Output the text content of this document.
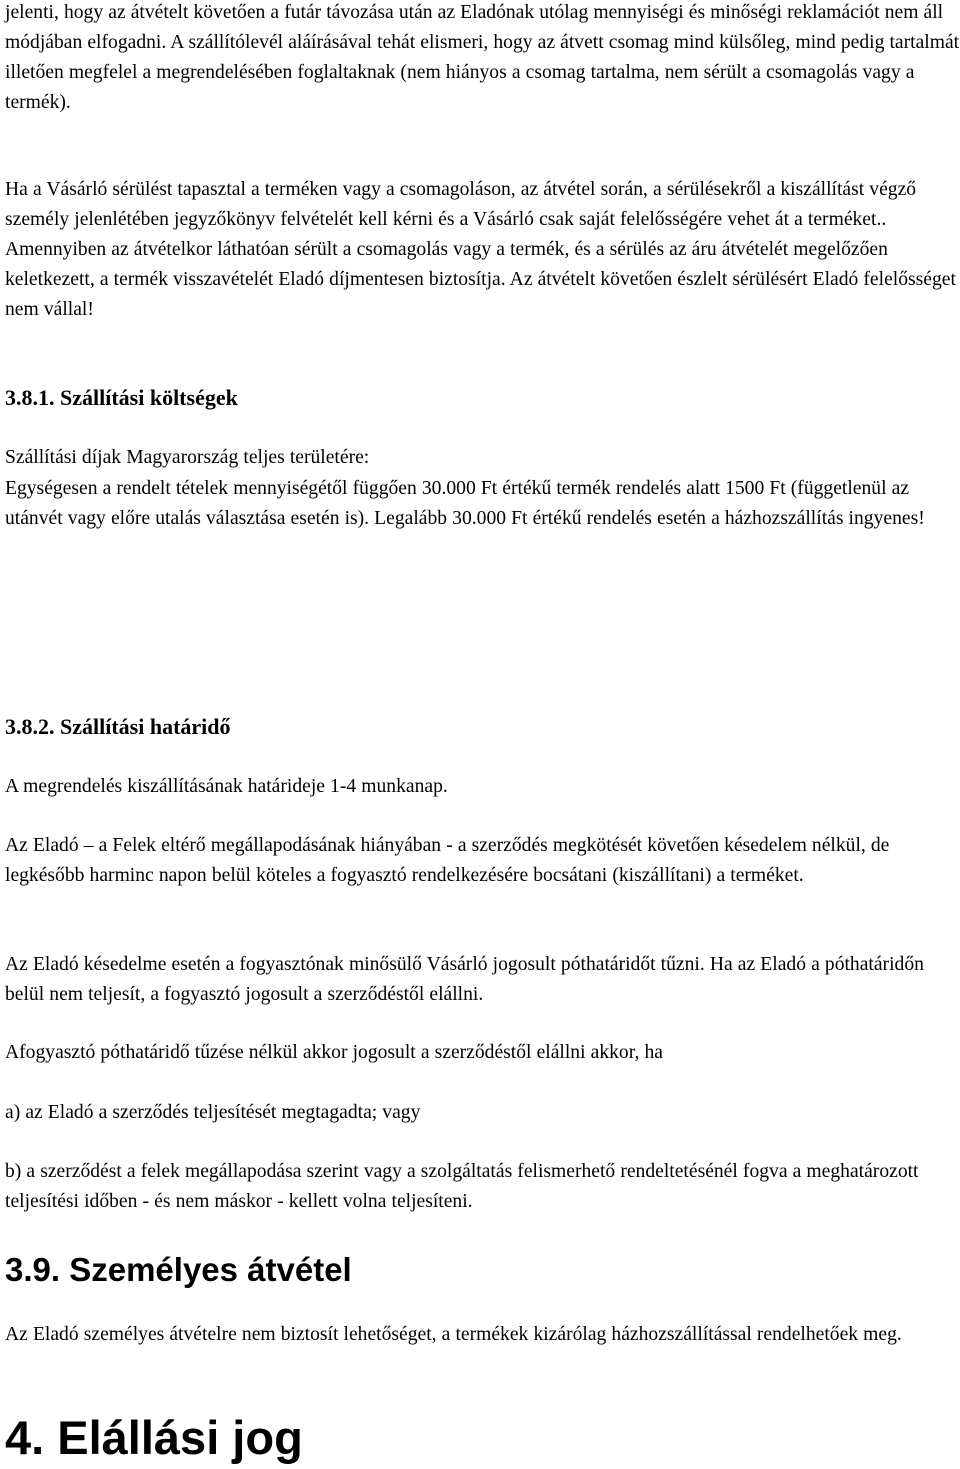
jelenti, hogy az átvételt követően a futár távozása után az Eladónak utólag mennyiségi és minőségi reklamációt nem áll módjában elfogadni. A szállítólevél aláírásával tehát elismeri, hogy az átvett csomag mind külsőleg, mind pedig tartalmát illetően megfelel a megrendelésében foglaltaknak (nem hiányos a csomag tartalma, nem sérült a csomagolás vagy a termék).

Ha a Vásárló sérülést tapasztal a terméken vagy a csomagoláson, az átvétel során, a sérülésekről a kiszállítást végző személy jelenlétében jegyzőkönyv felvételét kell kérni és a Vásárló csak saját felelősségére vehet át a terméket.. Amennyiben az átvételkor láthatóan sérült a csomagolás vagy a termék, és a sérülés az áru átvételét megelőzően keletkezett, a termék visszavételét Eladó díjmentesen biztosítja. Az átvételt követően észlelt sérülésért Eladó felelősséget nem vállal!

3.8.1. Szállítási költségek

Szállítási díjak Magyarország teljes területére:

Egységesen a rendelt tételek mennyiségétől függően 30.000 Ft értékű termék rendelés alatt 1500 Ft (függetlenül az utánvét vagy előre utalás választása esetén is). Legalább 30.000 Ft értékű rendelés esetén a házhozszállítás ingyenes!

3.8.2. Szállítási határidő

A megrendelés kiszállításának határideje 1-4 munkanap.

Az Eladó – a Felek eltérő megállapodásának hiányában - a szerződés megkötését követően késedelem nélkül, de legkésőbb harminc napon belül köteles a fogyasztó rendelkezésére bocsátani (kiszállítani) a terméket.

Az Eladó késedelme esetén a fogyasztónak minősülő Vásárló jogosult póthatáridőt tűzni. Ha az Eladó a póthatáridőn belül nem teljesít, a fogyasztó jogosult a szerződéstől elállni.

Afogyasztó póthatáridő tűzése nélkül akkor jogosult a szerződéstől elállni akkor, ha

a) az Eladó a szerződés teljesítését megtagadta; vagy

b) a szerződést a felek megállapodása szerint vagy a szolgáltatás felismerhető rendeltetésénél fogva a meghatározott teljesítési időben - és nem máskor - kellett volna teljesíteni.

3.9. Személyes átvétel

Az Eladó személyes átvételre nem biztosít lehetőséget, a termékek kizárólag házhozszállítással rendelhetőek meg.

4. Elállási jog
